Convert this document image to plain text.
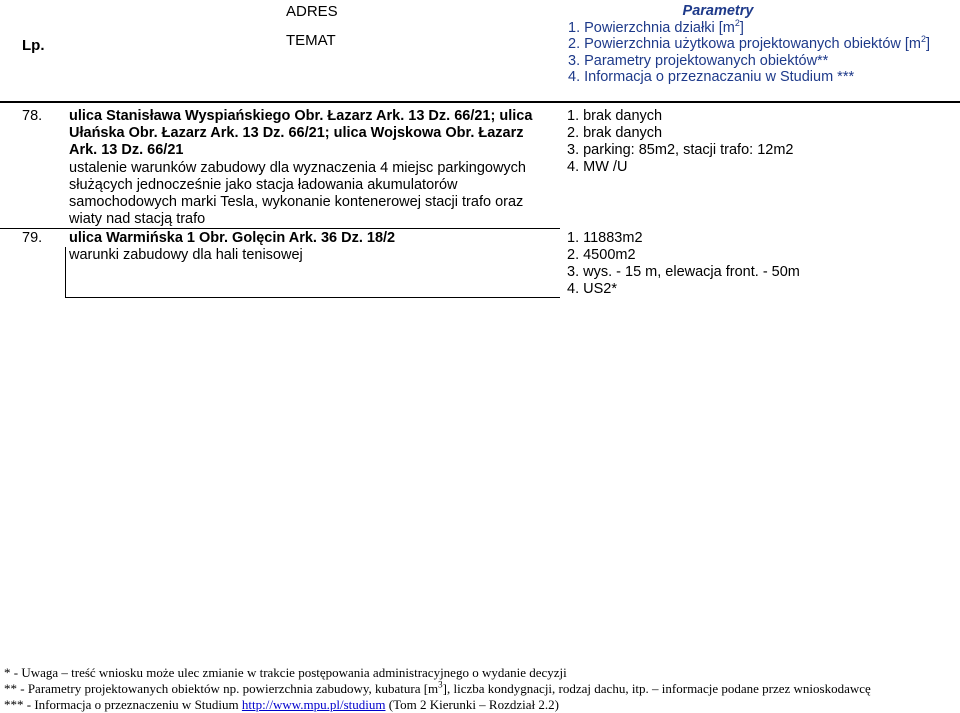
Lp.
ADRES
TEMAT
Parametry
1. Powierzchnia działki $[m^2]$
2. Powierzchnia użytkowa projektowanych obiektów $[m^2]$
3. Parametry projektowanych obiektów**
4. Informacja o przeznaczaniu w Studium ***
78. ulica Stanisława Wyspiańskiego Obr. Łazarz Ark. 13 Dz. 66/21; ulica
Ułańska Obr. Łazarz Ark. 13 Dz. 66/21; ulica Wojskowa Obr. Łazarz
Ark. 13 Dz. 66/21
ustalenie warunków zabudowy dla wyznaczenia 4 miejsc parkingowych
służących jednocześnie jako stacja ładowania akumulatorów
samochodowych marki Tesla, wykonanie kontenerowej stacji trafo oraz
wiaty nad stacją trafo
1. brak danych
2. brak danych
3. parking: 85m2, stacji trafo: 12m2
4. MW /U
79. ulica Warmińska 1 Obr. Golęcin Ark. 36 Dz. 18/2
warunki zabudowy dla hali tenisowej
1. 11883m2
2. 4500m2
3. wys. - 15 m, elewacja front. - 50m
4. US2*
* - Uwaga – treść wniosku może ulec zmianie w trakcie postępowania administracyjnego o wydanie decyzji
** - Parametry projektowanych obiektów np. powierzchnia zabudowy, kubatura $[m^3]$, liczba kondygnacji, rodzaj dachu, itp. – informacje podane przez wnioskodawcę
*** - Informacja o przeznaczeniu w Studium http://www.mpu.pl/studium (Tom 2 Kierunki – Rozdział 2.2)
